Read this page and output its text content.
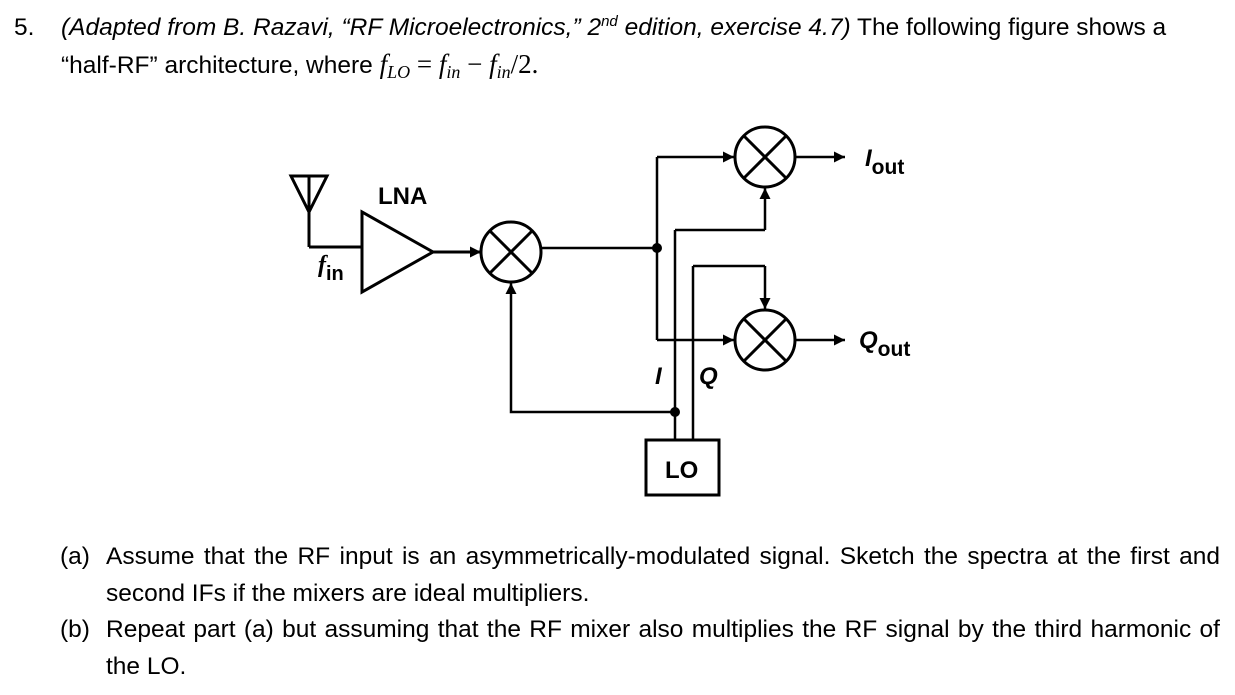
5. (Adapted from B. Razavi, “RF Microelectronics,” 2nd edition, exercise 4.7) The following figure shows a
“half-RF” architecture, where fLO = fin − fin/2.
LNA
$f_{in}$
LO
I Q
Iout
Qout
(a) Assume that the RF input is an asymmetrically-modulated signal. Sketch the spectra at the first and second IFs if the mixers are ideal multipliers.
(b) Repeat part (a) but assuming that the RF mixer also multiplies the RF signal by the third harmonic of the LO.
